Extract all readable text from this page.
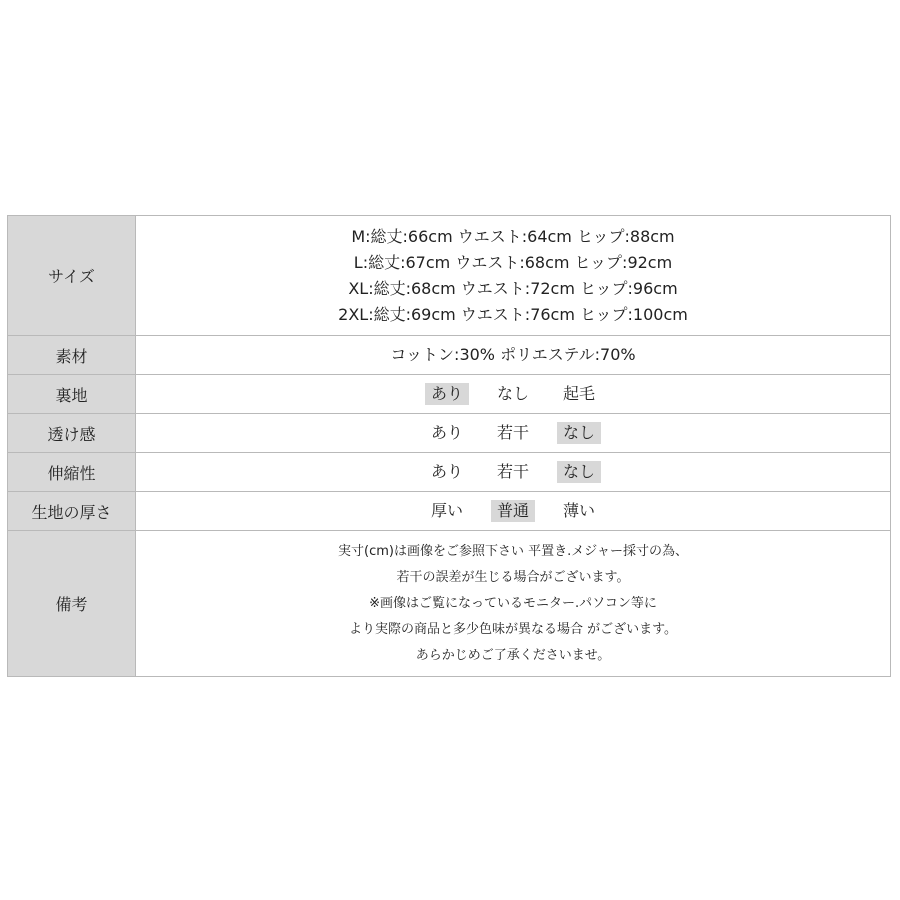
サイズ	M:総丈:66cm ウエスト:64cm ヒップ:88cm
L:総丈:67cm ウエスト:68cm ヒップ:92cm
XL:総丈:68cm ウエスト:72cm ヒップ:96cm
2XL:総丈:69cm ウエスト:76cm ヒップ:100cm

素材	コットン:30% ポリエステル:70%

裏地	あり なし 起毛

透け感	あり 若干 なし

伸縮性	あり 若干 なし

生地の厚さ	厚い 普通 薄い

備考	実寸(cm)は画像をご参照下さい 平置き.メジャー採寸の為、
若干の誤差が生じる場合がございます。
※画像はご覧になっているモニター.パソコン等に
より実際の商品と多少色味が異なる場合 がございます。
あらかじめご了承くださいませ。
